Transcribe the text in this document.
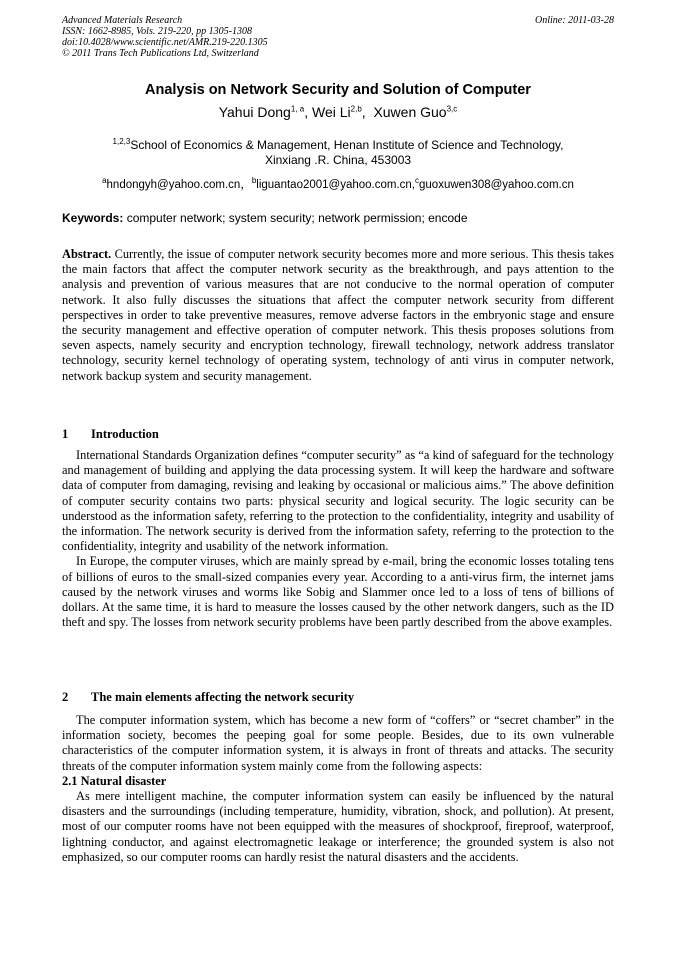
Advanced Materials Research
ISSN: 1662-8985, Vols. 219-220, pp 1305-1308
doi:10.4028/www.scientific.net/AMR.219-220.1305
© 2011 Trans Tech Publications Ltd, Switzerland
Online: 2011-03-28
Analysis on Network Security and Solution of Computer
Yahui Dong$^{1, a}$, Wei Li$^{2,b}$,  Xuwen Guo$^{3,c}$
$^{1,2,3}$School of Economics & Management, Henan Institute of Science and Technology,
Xinxiang .R. China, 453003
$^a$hndongyh@yahoo.com.cn，$^b$liguantao2001@yahoo.com.cn,$^c$guoxuwen308@yahoo.com.cn
Keywords: computer network; system security; network permission; encode

Abstract. Currently, the issue of computer network security becomes more and more serious. This thesis takes the main factors that affect the computer network security as the breakthrough, and pays attention to the analysis and prevention of various measures that are not conducive to the normal operation of computer network. It also fully discusses the situations that affect the computer network security from different perspectives in order to take preventive measures, remove adverse factors in the embryonic stage and ensure the security management and effective operation of computer network. This thesis proposes solutions from seven aspects, namely security and encryption technology, firewall technology, network address translator technology, security kernel technology of operating system, technology of anti virus in computer network, network backup system and security management.

1 Introduction

International Standards Organization defines “computer security” as “a kind of safeguard for the technology and management of building and applying the data processing system. It will keep the hardware and software data of computer from damaging, revising and leaking by occasional or malicious aims.” The above definition of computer security contains two parts: physical security and logical security. The logic security can be understood as the information safety, referring to the protection to the confidentiality, integrity and usability of the information. The network security is derived from the information safety, referring to the protection to the confidentiality, integrity and usability of the network information.

In Europe, the computer viruses, which are mainly spread by e-mail, bring the economic losses totaling tens of billions of euros to the small-sized companies every year. According to a anti-virus firm, the internet jams caused by the network viruses and worms like Sobig and Slammer once led to a loss of tens of billions of dollars. At the same time, it is hard to measure the losses caused by the other network dangers, such as the ID theft and spy. The losses from network security problems have been partly described from the above examples.

2 The main elements affecting the network security

The computer information system, which has become a new form of “coffers” or “secret chamber” in the information society, becomes the peeping goal for some people. Besides, due to its own vulnerable characteristics of the computer information system, it is always in front of threats and attacks. The security threats of the computer information system mainly come from the following aspects:

2.1 Natural disaster

As mere intelligent machine, the computer information system can easily be influenced by the natural disasters and the surroundings (including temperature, humidity, vibration, shock, and pollution). At present, most of our computer rooms have not been equipped with the measures of shockproof, fireproof, waterproof, lightning conductor, and against electromagnetic leakage or interference; the grounded system is also not emphasized, so our computer rooms can hardly resist the natural disasters and the accidents.
